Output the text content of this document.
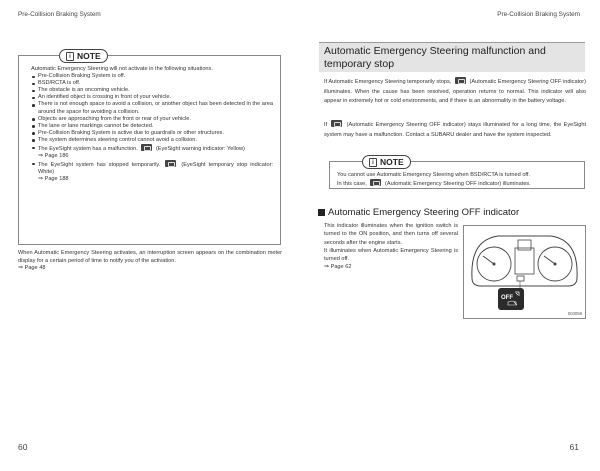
Pre-Collision Braking System	Pre-Collision Braking System
i NOTE
Automatic Emergency Steering will not activate in the following situations.
Pre-Collision Braking System is off.
BSD/RCTA is off.
The obstacle is an oncoming vehicle.
An identified object is crossing in front of your vehicle.
There is not enough space to avoid a collision, or another object has been detected in the area around the space for avoiding a collision.
Objects are approaching from the front or rear of your vehicle.
The lane or lane markings cannot be detected.
Pre-Collision Braking System is active due to guardrails or other structures.
The system determines steering control cannot avoid a collision.
The EyeSight system has a malfunction.	(EyeSight warning indicator: Yellow)
⇒ Page 186
The EyeSight system has stopped temporarily.	(EyeSight temporary stop indicator: White)
⇒ Page 188
When Automatic Emergency Steering activates, an interruption screen appears on the combination meter display for a certain period of time to notify you of the activation.
⇒ Page 48
Automatic Emergency Steering malfunction and temporary stop
If Automatic Emergency Steering temporarily stops,	(Automatic Emergency Steering OFF indicator) illuminates. When the cause has been resolved, operation returns to normal. This indicator will also appear in extremely hot or cold environments, and if there is an abnormality in the battery voltage.
If	(Automatic Emergency Steering OFF indicator) stays illuminated for a long time, the EyeSight system may have a malfunction. Contact a SUBARU dealer and have the system inspected.
i NOTE
You cannot use Automatic Emergency Steering when BSD/RCTA is turned off.
In this case,	(Automatic Emergency Steering OFF indicator) illuminates.
Automatic Emergency Steering OFF indicator
This indicator illuminates when the ignition switch is turned to the ON position, and then turns off several seconds after the engine starts.
It illuminates when Automatic Emergency Steering is turned off.
⇒ Page 62
OFF
S04059
60	61
